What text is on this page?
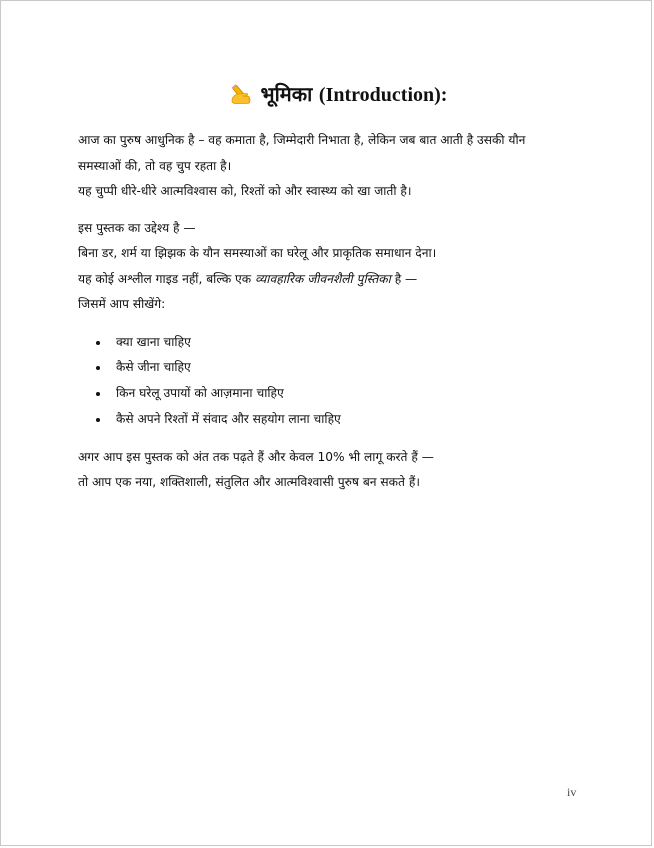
भूमिका (Introduction):
आज का पुरुष आधुनिक है – वह कमाता है, जिम्मेदारी निभाता है, लेकिन जब बात आती है उसकी यौन
समस्याओं की, तो वह चुप रहता है।
यह चुप्पी धीरे-धीरे आत्मविश्वास को, रिश्तों को और स्वास्थ्य को खा जाती है।
इस पुस्तक का उद्देश्य है —
बिना डर, शर्म या झिझक के यौन समस्याओं का घरेलू और प्राकृतिक समाधान देना।
यह कोई अश्लील गाइड नहीं, बल्कि एक व्यावहारिक जीवनशैली पुस्तिका है —
जिसमें आप सीखेंगे:
क्या खाना चाहिए
कैसे जीना चाहिए
किन घरेलू उपायों को आज़माना चाहिए
कैसे अपने रिश्तों में संवाद और सहयोग लाना चाहिए
अगर आप इस पुस्तक को अंत तक पढ़ते हैं और केवल 10% भी लागू करते हैं —
तो आप एक नया, शक्तिशाली, संतुलित और आत्मविश्वासी पुरुष बन सकते हैं।
iv
